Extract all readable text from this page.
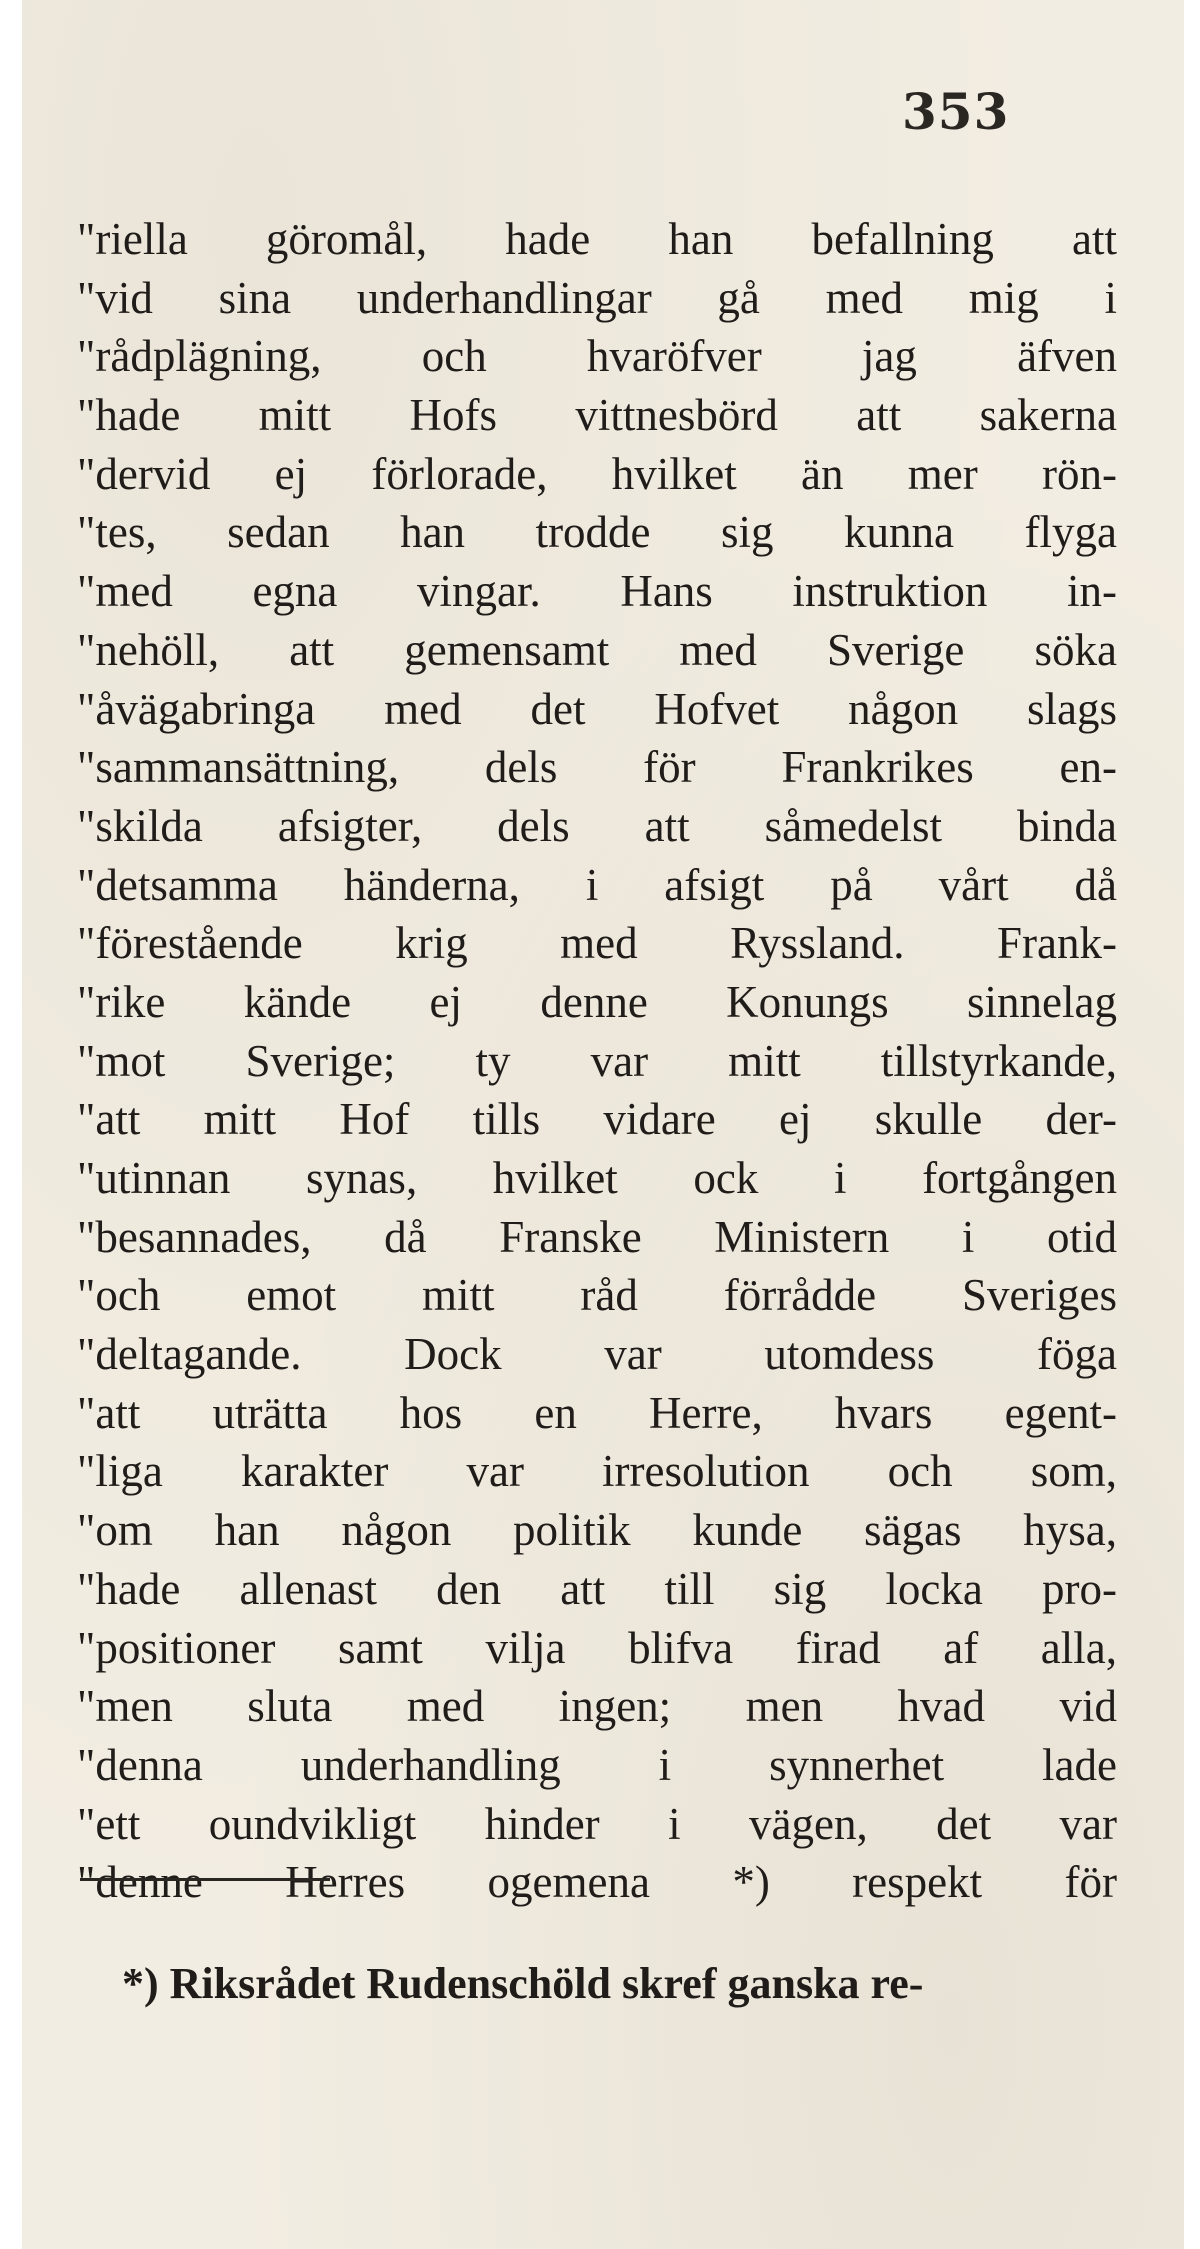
353
"riella göromål, hade han befallning att
"vid sina underhandlingar gå med mig i
"rådplägning, och hvaröfver jag äfven
"hade mitt Hofs vittnesbörd att sakerna
"dervid ej förlorade, hvilket än mer rön-
"tes, sedan han trodde sig kunna flyga
"med egna vingar. Hans instruktion in-
"nehöll, att gemensamt med Sverige söka
"åvägabringa med det Hofvet någon slags
"sammansättning, dels för Frankrikes en-
"skilda afsigter, dels att såmedelst binda
"detsamma händerna, i afsigt på vårt då
"förestående krig med Ryssland. Frank-
"rike kände ej denne Konungs sinnelag
"mot Sverige; ty var mitt tillstyrkande,
"att mitt Hof tills vidare ej skulle der-
"utinnan synas, hvilket ock i fortgången
"besannades, då Franske Ministern i otid
"och emot mitt råd förrådde Sveriges
"deltagande. Dock var utomdess föga
"att uträtta hos en Herre, hvars egent-
"liga karakter var irresolution och som,
"om han någon politik kunde sägas hysa,
"hade allenast den att till sig locka pro-
"positioner samt vilja blifva firad af alla,
"men sluta med ingen; men hvad vid
"denna underhandling i synnerhet lade
"ett oundvikligt hinder i vägen, det var
"denne Herres ogemena *) respekt för
*) Riksrådet Rudenschöld skref ganska re-
